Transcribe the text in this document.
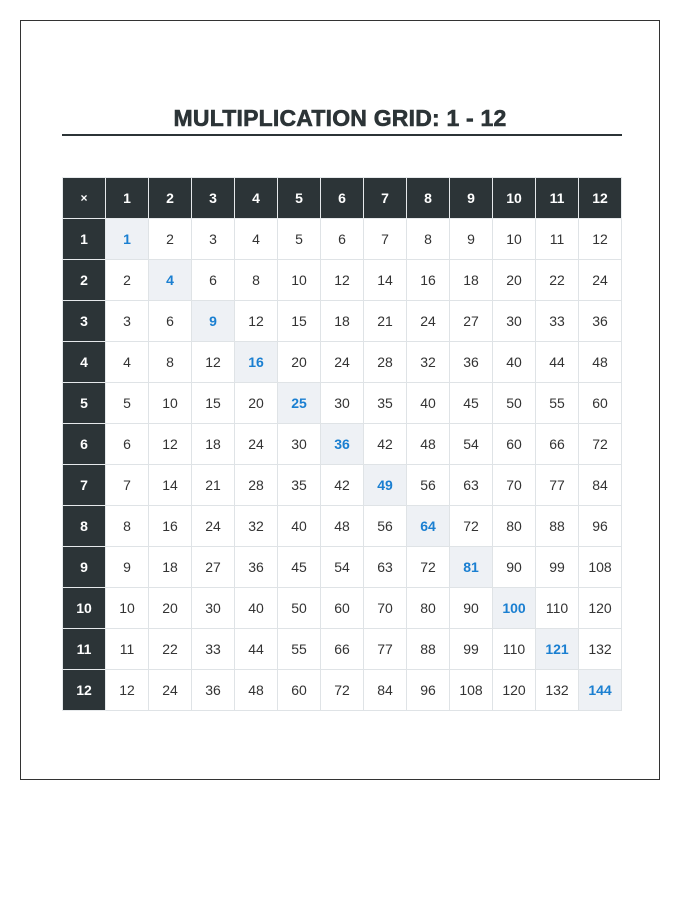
MULTIPLICATION GRID: 1 - 12
×	1	2	3	4	5	6	7	8	9	10	11	12
1	1	2	3	4	5	6	7	8	9	10	11	12
2	2	4	6	8	10	12	14	16	18	20	22	24
3	3	6	9	12	15	18	21	24	27	30	33	36
4	4	8	12	16	20	24	28	32	36	40	44	48
5	5	10	15	20	25	30	35	40	45	50	55	60
6	6	12	18	24	30	36	42	48	54	60	66	72
7	7	14	21	28	35	42	49	56	63	70	77	84
8	8	16	24	32	40	48	56	64	72	80	88	96
9	9	18	27	36	45	54	63	72	81	90	99	108
10	10	20	30	40	50	60	70	80	90	100	110	120
11	11	22	33	44	55	66	77	88	99	110	121	132
12	12	24	36	48	60	72	84	96	108	120	132	144
